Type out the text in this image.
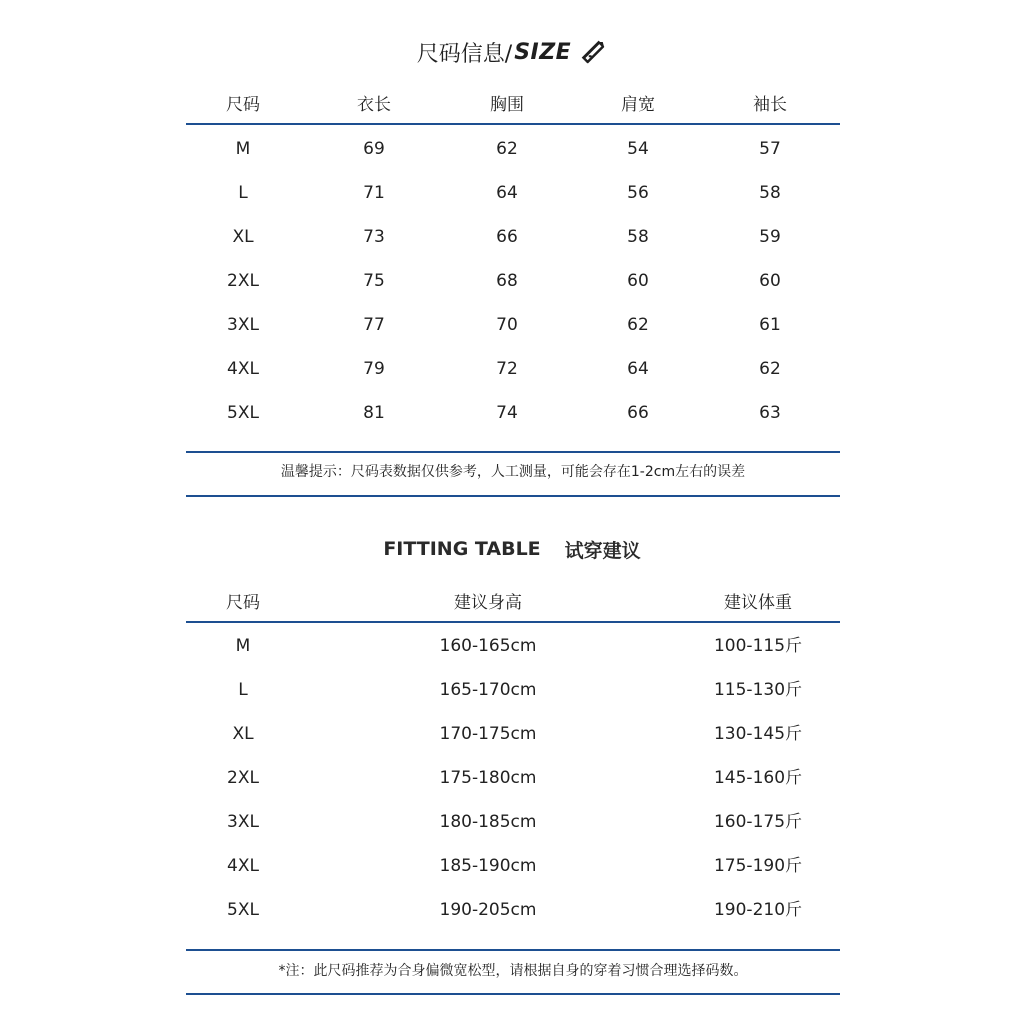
尺码信息/ SIZE
尺码	衣长	胸围	肩宽	袖长
M	69	62	54	57
L	71	64	56	58
XL	73	66	58	59
2XL	75	68	60	60
3XL	77	70	62	61
4XL	79	72	64	62
5XL	81	74	66	63
温馨提示：尺码表数据仅供参考，人工测量，可能会存在1-2cm左右的误差
FITTING TABLE 试穿建议
尺码	建议身高	建议体重
M	160-165cm	100-115斤
L	165-170cm	115-130斤
XL	170-175cm	130-145斤
2XL	175-180cm	145-160斤
3XL	180-185cm	160-175斤
4XL	185-190cm	175-190斤
5XL	190-205cm	190-210斤
*注：此尺码推荐为合身偏微宽松型，请根据自身的穿着习惯合理选择码数。
